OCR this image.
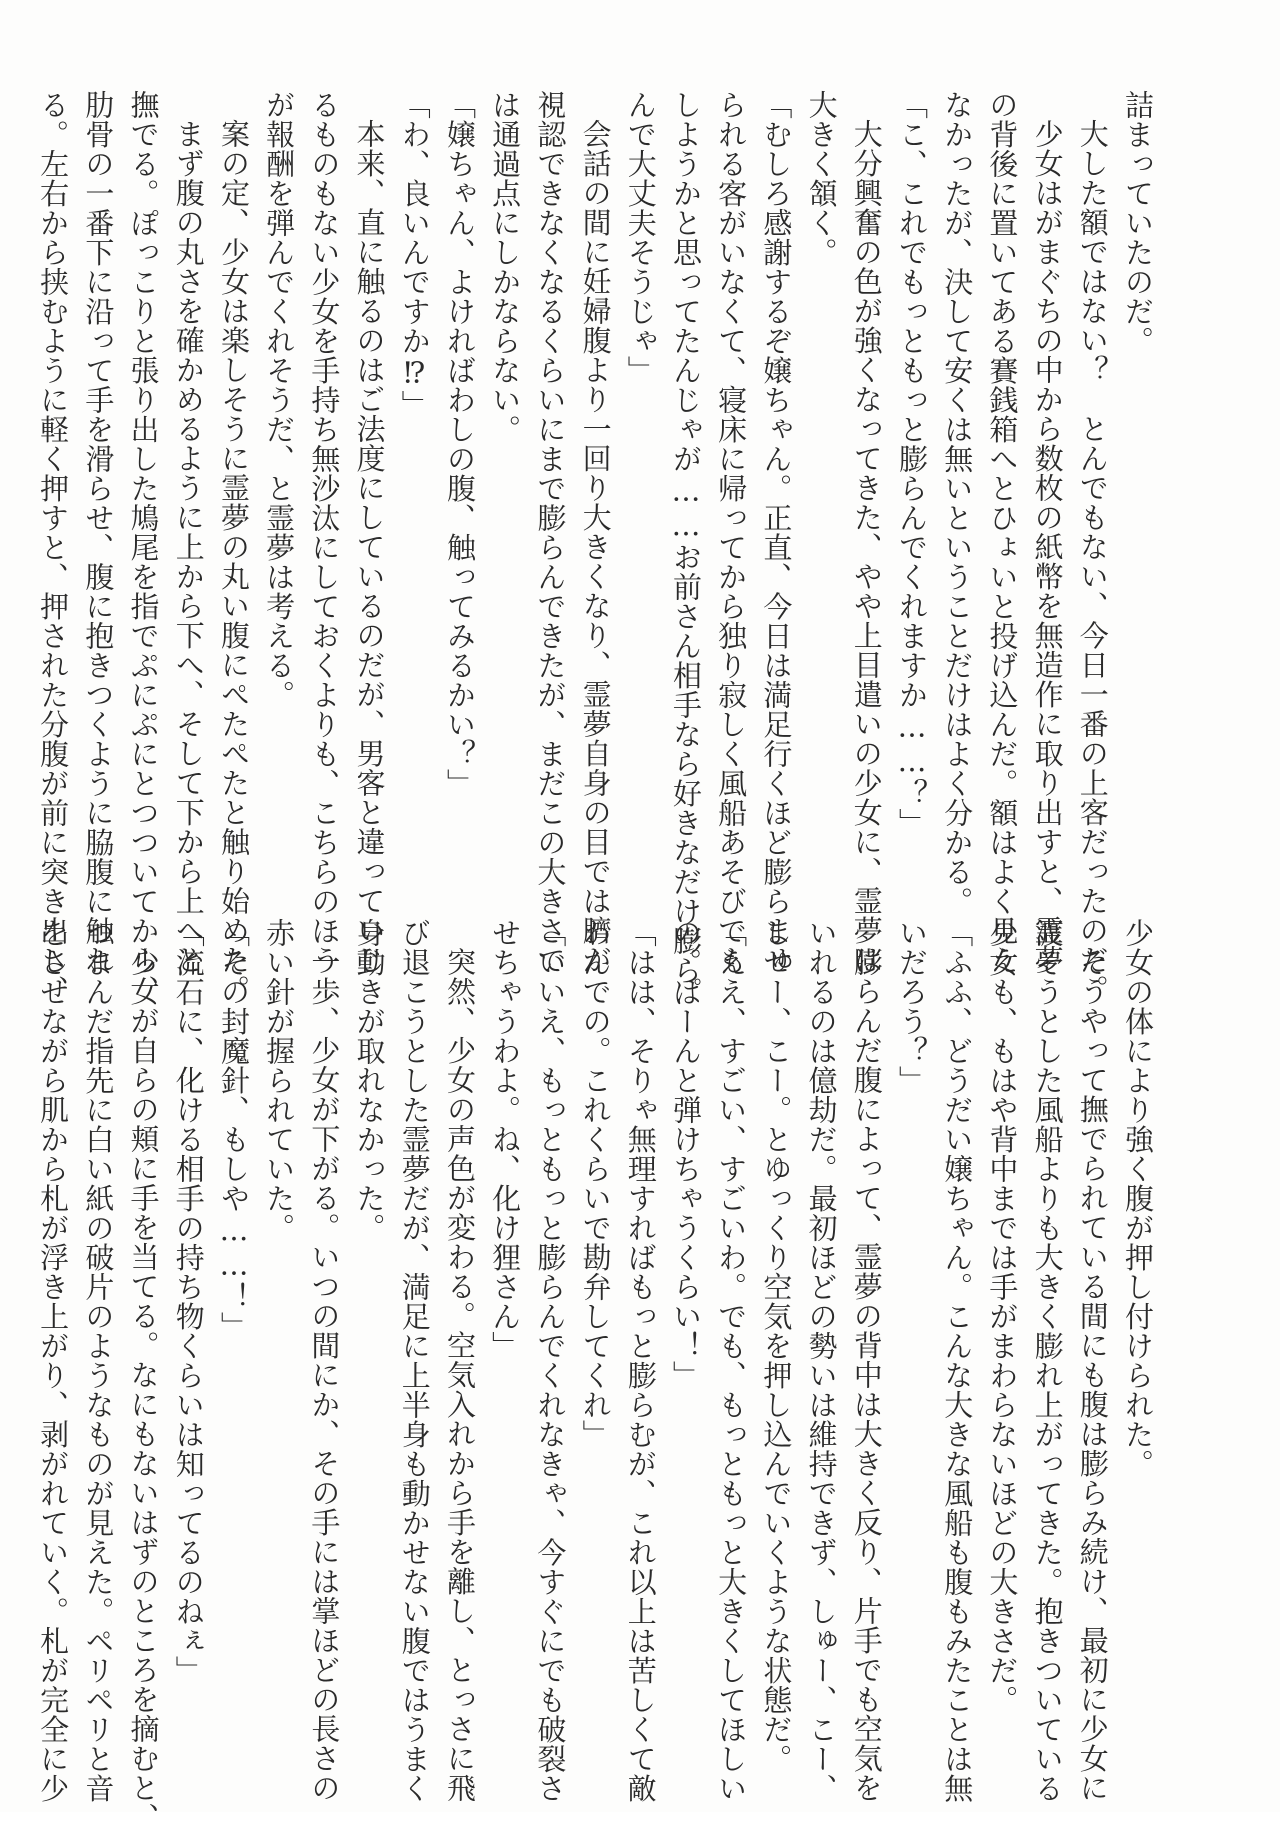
詰まっていたのだ。
大した額ではない？　とんでもない、今日一番の上客だったのだ。
少女はがまぐちの中から数枚の紙幣を無造作に取り出すと、霊夢
の背後に置いてある賽銭箱へとひょいと投げ込んだ。額はよく見え
なかったが、決して安くは無いということだけはよく分かる。
「こ、これでもっともっと膨らんでくれますか……？」
大分興奮の色が強くなってきた、やや上目遣いの少女に、霊夢は
大きく頷く。
「むしろ感謝するぞ嬢ちゃん。正直、今日は満足行くほど膨らませ
られる客がいなくて、寝床に帰ってから独り寂しく風船あそびでも
しようかと思ってたんじゃが……お前さん相手なら好きなだけ膨ら
んで大丈夫そうじゃ」
会話の間に妊婦腹より一回り大きくなり、霊夢自身の目では臍が
視認できなくなるくらいにまで膨らんできたが、まだこの大きさで
は通過点にしかならない。
「嬢ちゃん、よければわしの腹、触ってみるかい？」
「わ、良いんですか⁉」
本来、直に触るのはご法度にしているのだが、男客と違っていじ
るものもない少女を手持ち無沙汰にしておくよりも、こちらのほう
が報酬を弾んでくれそうだ、と霊夢は考える。
案の定、少女は楽しそうに霊夢の丸い腹にぺたぺたと触り始めた。
まず腹の丸さを確かめるように上から下へ、そして下から上へと
撫でる。ぽっこりと張り出した鳩尾を指でぷにぷにとつついてから、
肋骨の一番下に沿って手を滑らせ、腹に抱きつくように脇腹に触れ
る。左右から挟むように軽く押すと、押された分腹が前に突き出し、
少女の体により強く腹が押し付けられた。
そうやって撫でられている間にも腹は膨らみ続け、最初に少女に
渡そうとした風船よりも大きく膨れ上がってきた。抱きついている
少女も、もはや背中までは手がまわらないほどの大きさだ。
「ふふ、どうだい嬢ちゃん。こんな大きな風船も腹もみたことは無
いだろう？」
膨らんだ腹によって、霊夢の背中は大きく反り、片手でも空気を
いれるのは億劫だ。最初ほどの勢いは維持できず、しゅー、こー、
しゅー、こー。とゆっくり空気を押し込んでいくような状態だ。
「ええ、すごい、すごいわ。でも、もっともっと大きくしてほしい
の。ぱーんと弾けちゃうくらい！」
「はは、そりゃ無理すればもっと膨らむが、これ以上は苦しくて敵
わんでの。これくらいで勘弁してくれ」
「いいえ、もっともっと膨らんでくれなきゃ、今すぐにでも破裂さ
せちゃうわよ。ね、化け狸さん」
突然、少女の声色が変わる。空気入れから手を離し、とっさに飛
び退こうとした霊夢だが、満足に上半身も動かせない腹ではうまく
身動きが取れなかった。
一歩、少女が下がる。いつの間にか、その手には掌ほどの長さの
赤い針が握られていた。
「その封魔針、もしや……！」
「流石に、化ける相手の持ち物くらいは知ってるのねぇ」
少女が自らの頬に手を当てる。なにもないはずのところを摘むと、
つまんだ指先に白い紙の破片のようなものが見えた。ペリペリと音
をさせながら肌から札が浮き上がり、剥がれていく。札が完全に少
